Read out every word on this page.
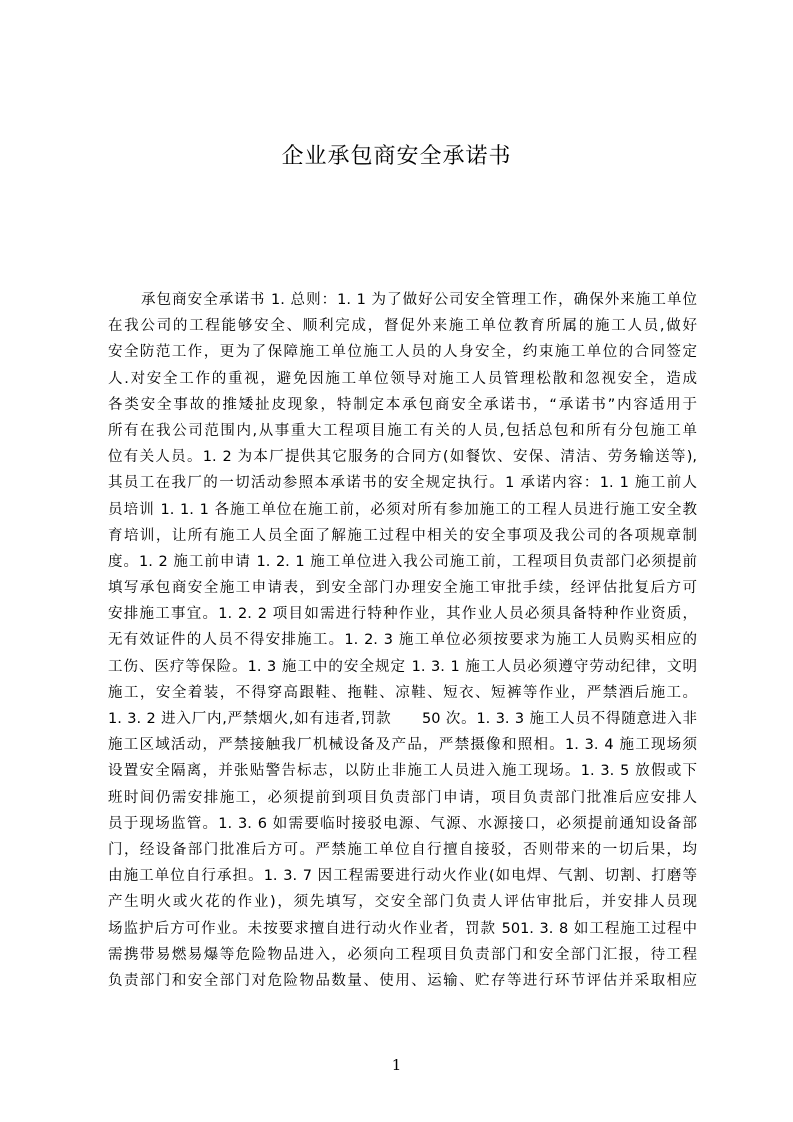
企业承包商安全承诺书
承包商安全承诺书 1. 总则：1. 1 为了做好公司安全管理工作，确保外来施工单位
在我公司的工程能够安全、顺利完成，督促外来施工单位教育所属的施工人员,做好
安全防范工作，更为了保障施工单位施工人员的人身安全，约束施工单位的合同签定
人.对安全工作的重视，避免因施工单位领导对施工人员管理松散和忽视安全，造成
各类安全事故的推矮扯皮现象，特制定本承包商安全承诺书，“承诺书”内容适用于
所有在我公司范围内,从事重大工程项目施工有关的人员,包括总包和所有分包施工单
位有关人员。1. 2 为本厂提供其它服务的合同方(如餐饮、安保、清洁、劳务输送等),
其员工在我厂的一切活动参照本承诺书的安全规定执行。1 承诺内容：1. 1 施工前人
员培训 1. 1. 1 各施工单位在施工前，必须对所有参加施工的工程人员进行施工安全教
育培训，让所有施工人员全面了解施工过程中相关的安全事项及我公司的各项规章制
度。1. 2 施工前申请 1. 2. 1 施工单位进入我公司施工前，工程项目负责部门必须提前
填写承包商安全施工申请表，到安全部门办理安全施工审批手续，经评估批复后方可
安排施工事宜。1. 2. 2 项目如需进行特种作业，其作业人员必须具备特种作业资质，
无有效证件的人员不得安排施工。1. 2. 3 施工单位必须按要求为施工人员购买相应的
工伤、医疗等保险。1. 3 施工中的安全规定 1. 3. 1 施工人员必须遵守劳动纪律，文明
施工，安全着装，不得穿高跟鞋、拖鞋、凉鞋、短衣、短裤等作业，严禁酒后施工。
1. 3. 2 进入厂内,严禁烟火,如有违者,罚款　　50 次。1. 3. 3 施工人员不得随意进入非
施工区域活动，严禁接触我厂机械设备及产品，严禁摄像和照相。1. 3. 4 施工现场须
设置安全隔离，并张贴警告标志，以防止非施工人员进入施工现场。1. 3. 5 放假或下
班时间仍需安排施工，必须提前到项目负责部门申请，项目负责部门批准后应安排人
员于现场监管。1. 3. 6 如需要临时接驳电源、气源、水源接口，必须提前通知设备部
门，经设备部门批准后方可。严禁施工单位自行擅自接驳，否则带来的一切后果，均
由施工单位自行承担。1. 3. 7 因工程需要进行动火作业(如电焊、气割、切割、打磨等
产生明火或火花的作业)，须先填写，交安全部门负责人评估审批后，并安排人员现
场监护后方可作业。未按要求擅自进行动火作业者，罚款 501. 3. 8 如工程施工过程中
需携带易燃易爆等危险物品进入，必须向工程项目负责部门和安全部门汇报，待工程
负责部门和安全部门对危险物品数量、使用、运输、贮存等进行环节评估并采取相应
1
